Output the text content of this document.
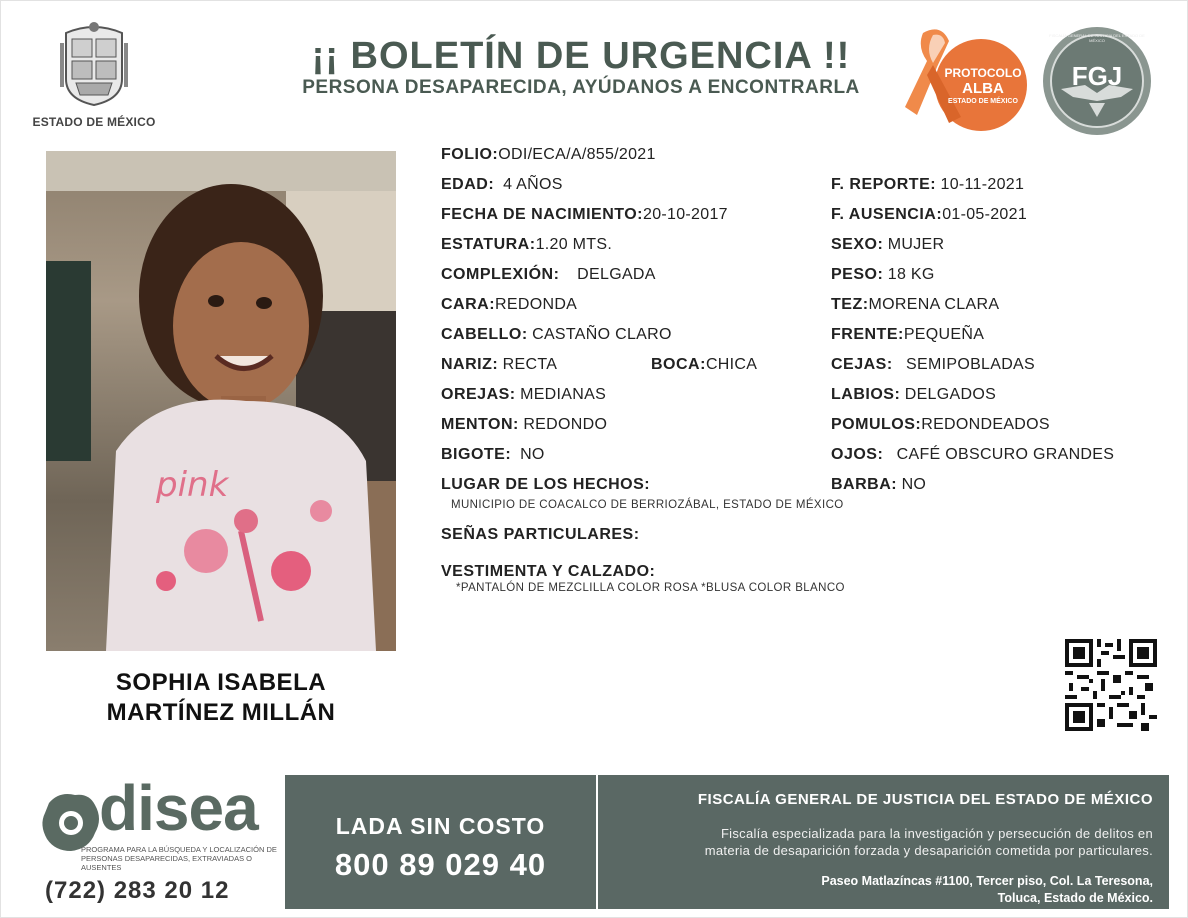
ESTADO DE MÉXICO
¡¡ BOLETÍN DE URGENCIA !!
PERSONA DESAPARECIDA, AYÚDANOS A ENCONTRARLA
PROTOCOLO
ALBA
ESTADO DE MÉXICO
FGJ
FISCALÍA GENERAL DE JUSTICIA DEL ESTADO DE MÉXICO
pink
SOPHIA ISABELA
MARTÍNEZ MILLÁN
FOLIO:ODI/ECA/A/855/2021
EDAD: 4 AÑOS
FECHA DE NACIMIENTO:20-10-2017
ESTATURA:1.20 MTS.
COMPLEXIÓN: DELGADA
CARA:REDONDA
CABELLO: CASTAÑO CLARO
NARIZ: RECTA	BOCA:CHICA
OREJAS: MEDIANAS
MENTON: REDONDO
BIGOTE: NO
LUGAR DE LOS HECHOS:
MUNICIPIO DE COACALCO DE BERRIOZÁBAL, ESTADO DE MÉXICO
SEÑAS PARTICULARES:
VESTIMENTA Y CALZADO:
*PANTALÓN DE MEZCLILLA COLOR ROSA *BLUSA COLOR BLANCO
F. REPORTE: 10-11-2021
F. AUSENCIA:01-05-2021
SEXO: MUJER
PESO: 18 KG
TEZ:MORENA CLARA
FRENTE:PEQUEÑA
CEJAS: SEMIPOBLADAS
LABIOS: DELGADOS
POMULOS:REDONDEADOS
OJOS: CAFÉ OBSCURO GRANDES
BARBA: NO
disea
PROGRAMA PARA LA BÚSQUEDA Y LOCALIZACIÓN DE PERSONAS DESAPARECIDAS, EXTRAVIADAS O AUSENTES
(722) 283 20 12
LADA SIN COSTO
800 89 029 40
FISCALÍA GENERAL DE JUSTICIA DEL ESTADO DE MÉXICO
Fiscalía especializada para la investigación y persecución de delitos en
materia de desaparición forzada y desaparición cometida por particulares.
Paseo Matlazíncas #1100, Tercer piso, Col. La Teresona,
Toluca, Estado de México.
